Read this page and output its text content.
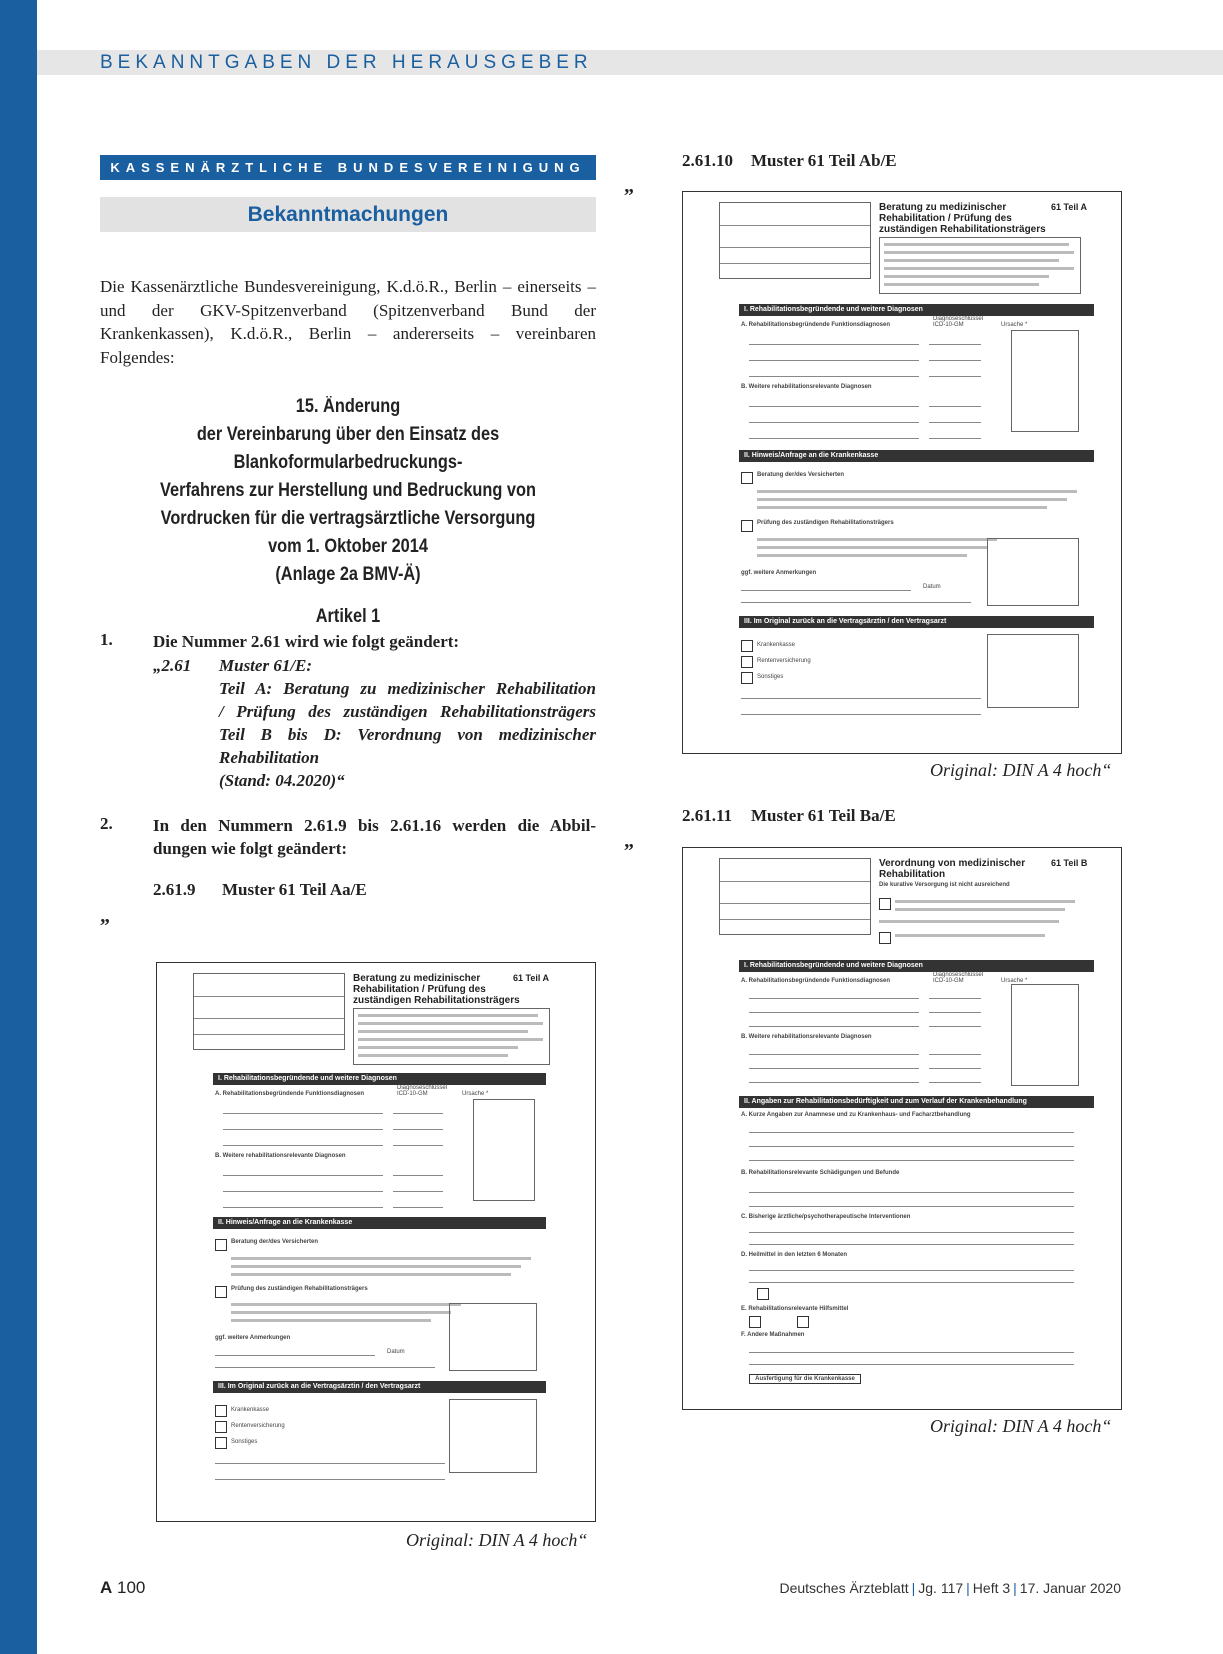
BEKANNTGABEN DER HERAUSGEBER
KASSENÄRZTLICHE BUNDESVEREINIGUNG
Bekanntmachungen
Die Kassenärztliche Bundesvereinigung, K.d.ö.R., Berlin – einerseits – und der GKV-Spitzenverband (Spitzenverband Bund der Krankenkassen), K.d.ö.R., Berlin – andererseits – vereinbaren Folgendes:
15. Änderung
der Vereinbarung über den Einsatz des
Blankoformularbedruckungs-
Verfahrens zur Herstellung und Bedruckung von
Vordrucken für die vertragsärztliche Versorgung
vom 1. Oktober 2014
(Anlage 2a BMV-Ä)
Artikel 1
1. Die Nummer 2.61 wird wie folgt geändert:
„2.61 Muster 61/E:
Teil A: Beratung zu medizinischer Rehabilitation
/ Prüfung des zuständigen Rehabilitationsträgers
Teil B bis D: Verordnung von medizinischer
Rehabilitation
(Stand: 04.2020)“
2. In den Nummern 2.61.9 bis 2.61.16 werden die Abbil-
dungen wie folgt geändert:
2.61.9 Muster 61 Teil Aa/E
„
Beratung zu medizinischer
Rehabilitation / Prüfung des
zuständigen Rehabilitationsträgers
61 Teil A
I. Rehabilitationsbegründende und weitere Diagnosen
A. Rehabilitationsbegründende Funktionsdiagnosen
Diagnoseschlüssel ICD-10-GM	Ursache *
B. Weitere rehabilitationsrelevante Diagnosen
II. Hinweis/Anfrage an die Krankenkasse
Beratung der/des Versicherten
Prüfung des zuständigen Rehabilitationsträgers
ggf. weitere Anmerkungen
Datum
III. Im Original zurück an die Vertragsärztin / den Vertragsarzt
Krankenkasse
Rentenversicherung
Sonstiges
Original: DIN A 4 hoch“
2.61.10 Muster 61 Teil Ab/E
„
Beratung zu medizinischer
Rehabilitation / Prüfung des
zuständigen Rehabilitationsträgers
61 Teil A
I. Rehabilitationsbegründende und weitere Diagnosen
A. Rehabilitationsbegründende Funktionsdiagnosen
Diagnoseschlüssel ICD-10-GM	Ursache *
B. Weitere rehabilitationsrelevante Diagnosen
II. Hinweis/Anfrage an die Krankenkasse
Beratung der/des Versicherten
Prüfung des zuständigen Rehabilitationsträgers
ggf. weitere Anmerkungen
Datum
III. Im Original zurück an die Vertragsärztin / den Vertragsarzt
Krankenkasse
Rentenversicherung
Sonstiges
Original: DIN A 4 hoch“
2.61.11 Muster 61 Teil Ba/E
„
Verordnung von medizinischer
Rehabilitation
Die kurative Versorgung ist nicht ausreichend
61 Teil B
I. Rehabilitationsbegründende und weitere Diagnosen
A. Rehabilitationsbegründende Funktionsdiagnosen
Diagnoseschlüssel ICD-10-GM	Ursache *
B. Weitere rehabilitationsrelevante Diagnosen
II. Angaben zur Rehabilitationsbedürftigkeit und zum Verlauf der Krankenbehandlung
A. Kurze Angaben zur Anamnese und zu Krankenhaus- und Facharztbehandlung
B. Rehabilitationsrelevante Schädigungen und Befunde
C. Bisherige ärztliche/psychotherapeutische Interventionen
D. Heilmittel in den letzten 6 Monaten
E. Rehabilitationsrelevante Hilfsmittel
F. Andere Maßnahmen
Ausfertigung für die Krankenkasse
Original: DIN A 4 hoch“
A 100	Deutsches Ärzteblatt | Jg. 117 | Heft 3 | 17. Januar 2020
